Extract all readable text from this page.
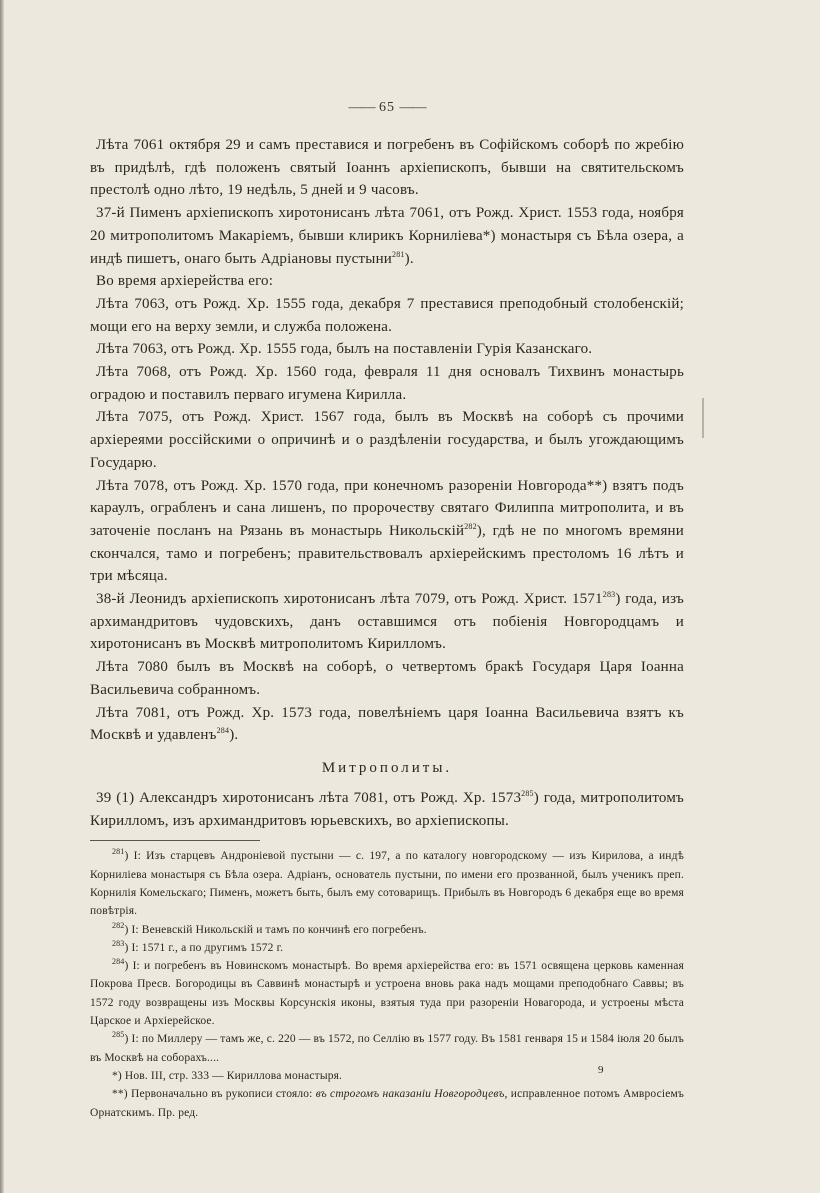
—— 65 ——

Лѣта 7061 октября 29 и самъ преставися и погребенъ въ Софійскомъ соборѣ по жребію въ придѣлѣ, гдѣ положенъ святый Іоаннъ архіепископъ, бывши на святительскомъ престолѣ одно лѣто, 19 недѣль, 5 дней и 9 часовъ.

37-й Пименъ архіепископъ хиротонисанъ лѣта 7061, отъ Рожд. Христ. 1553 года, ноября 20 митрополитомъ Макаріемъ, бывши клирикъ Корниліева*) монастыря съ Бѣла озера, а индѣ пишетъ, онаго быть Адріановы пустыни$^{281}$).

Во время архіерейства его:

Лѣта 7063, отъ Рожд. Хр. 1555 года, декабря 7 преставися преподобный столобенскій; мощи его на верху земли, и служба положена.

Лѣта 7063, отъ Рожд. Хр. 1555 года, былъ на поставленіи Гурія Казанскаго.

Лѣта 7068, отъ Рожд. Хр. 1560 года, февраля 11 дня основалъ Тихвинъ монастырь оградою и поставилъ перваго игумена Кирилла.

Лѣта 7075, отъ Рожд. Христ. 1567 года, былъ въ Москвѣ на соборѣ съ прочими архіереями россійскими о опричинѣ и о раздѣленіи государства, и былъ угождающимъ Государю.

Лѣта 7078, отъ Рожд. Хр. 1570 года, при конечномъ разореніи Новгорода**) взятъ подъ караулъ, ограбленъ и сана лишенъ, по пророчеству святаго Филиппа митрополита, и въ заточеніе посланъ на Рязань въ монастырь Никольскій$^{282}$), гдѣ не по многомъ времяни скончался, тамо и погребенъ; правительствовалъ архіерейскимъ престоломъ 16 лѣтъ и три мѣсяца.

38-й Леонидъ архіепископъ хиротонисанъ лѣта 7079, отъ Рожд. Христ. 1571$^{283}$) года, изъ архимандритовъ чудовскихъ, данъ оставшимся отъ побіенія Новгородцамъ и хиротонисанъ въ Москвѣ митрополитомъ Кирилломъ.

Лѣта 7080 былъ въ Москвѣ на соборѣ, о четвертомъ бракѣ Государя Царя Іоанна Васильевича собранномъ.

Лѣта 7081, отъ Рожд. Хр. 1573 года, повелѣніемъ царя Іоанна Васильевича взятъ къ Москвѣ и удавленъ$^{284}$).

Митрополиты.

39 (1) Александръ хиротонисанъ лѣта 7081, отъ Рожд. Хр. 1573$^{285}$) года, митрополитомъ Кирилломъ, изъ архимандритовъ юрьевскихъ, во архіепископы.

$^{281}$) I: Изъ старцевъ Андроніевой пустыни — с. 197, а по каталогу новгородскому — изъ Кирилова, а индѣ Корниліева монастыря съ Бѣла озера. Адріанъ, основатель пустыни, по имени его прозванной, былъ ученикъ преп. Корнилія Комельскаго; Пименъ, можетъ быть, былъ ему сотоварищъ. Прибылъ въ Новгородъ 6 декабря еще во время повѣтрія.

$^{282}$) I: Веневскій Никольскій и тамъ по кончинѣ его погребенъ.

$^{283}$) I: 1571 г., а по другимъ 1572 г.

$^{284}$) I: и погребенъ въ Новинскомъ монастырѣ. Во время архіерейства его: въ 1571 освящена церковь каменная Покрова Пресв. Богородицы въ Саввинѣ монастырѣ и устроена вновь рака надъ мощами преподобнаго Саввы; въ 1572 году возвращены изъ Москвы Корсунскія иконы, взятыя туда при разореніи Новагорода, и устроены мѣста Царское и Архіерейское.

$^{285}$) I: по Миллеру — тамъ же, с. 220 — въ 1572, по Селлію въ 1577 году. Въ 1581 генваря 15 и 1584 іюля 20 былъ въ Москвѣ на соборахъ....

*) Нов. III, стр. 333 — Кириллова монастыря.

**) Первоначально въ рукописи стояло: въ строгомъ наказаніи Новгородцевъ, исправленное потомъ Амвросіемъ Орнатскимъ. Пр. ред.

9
